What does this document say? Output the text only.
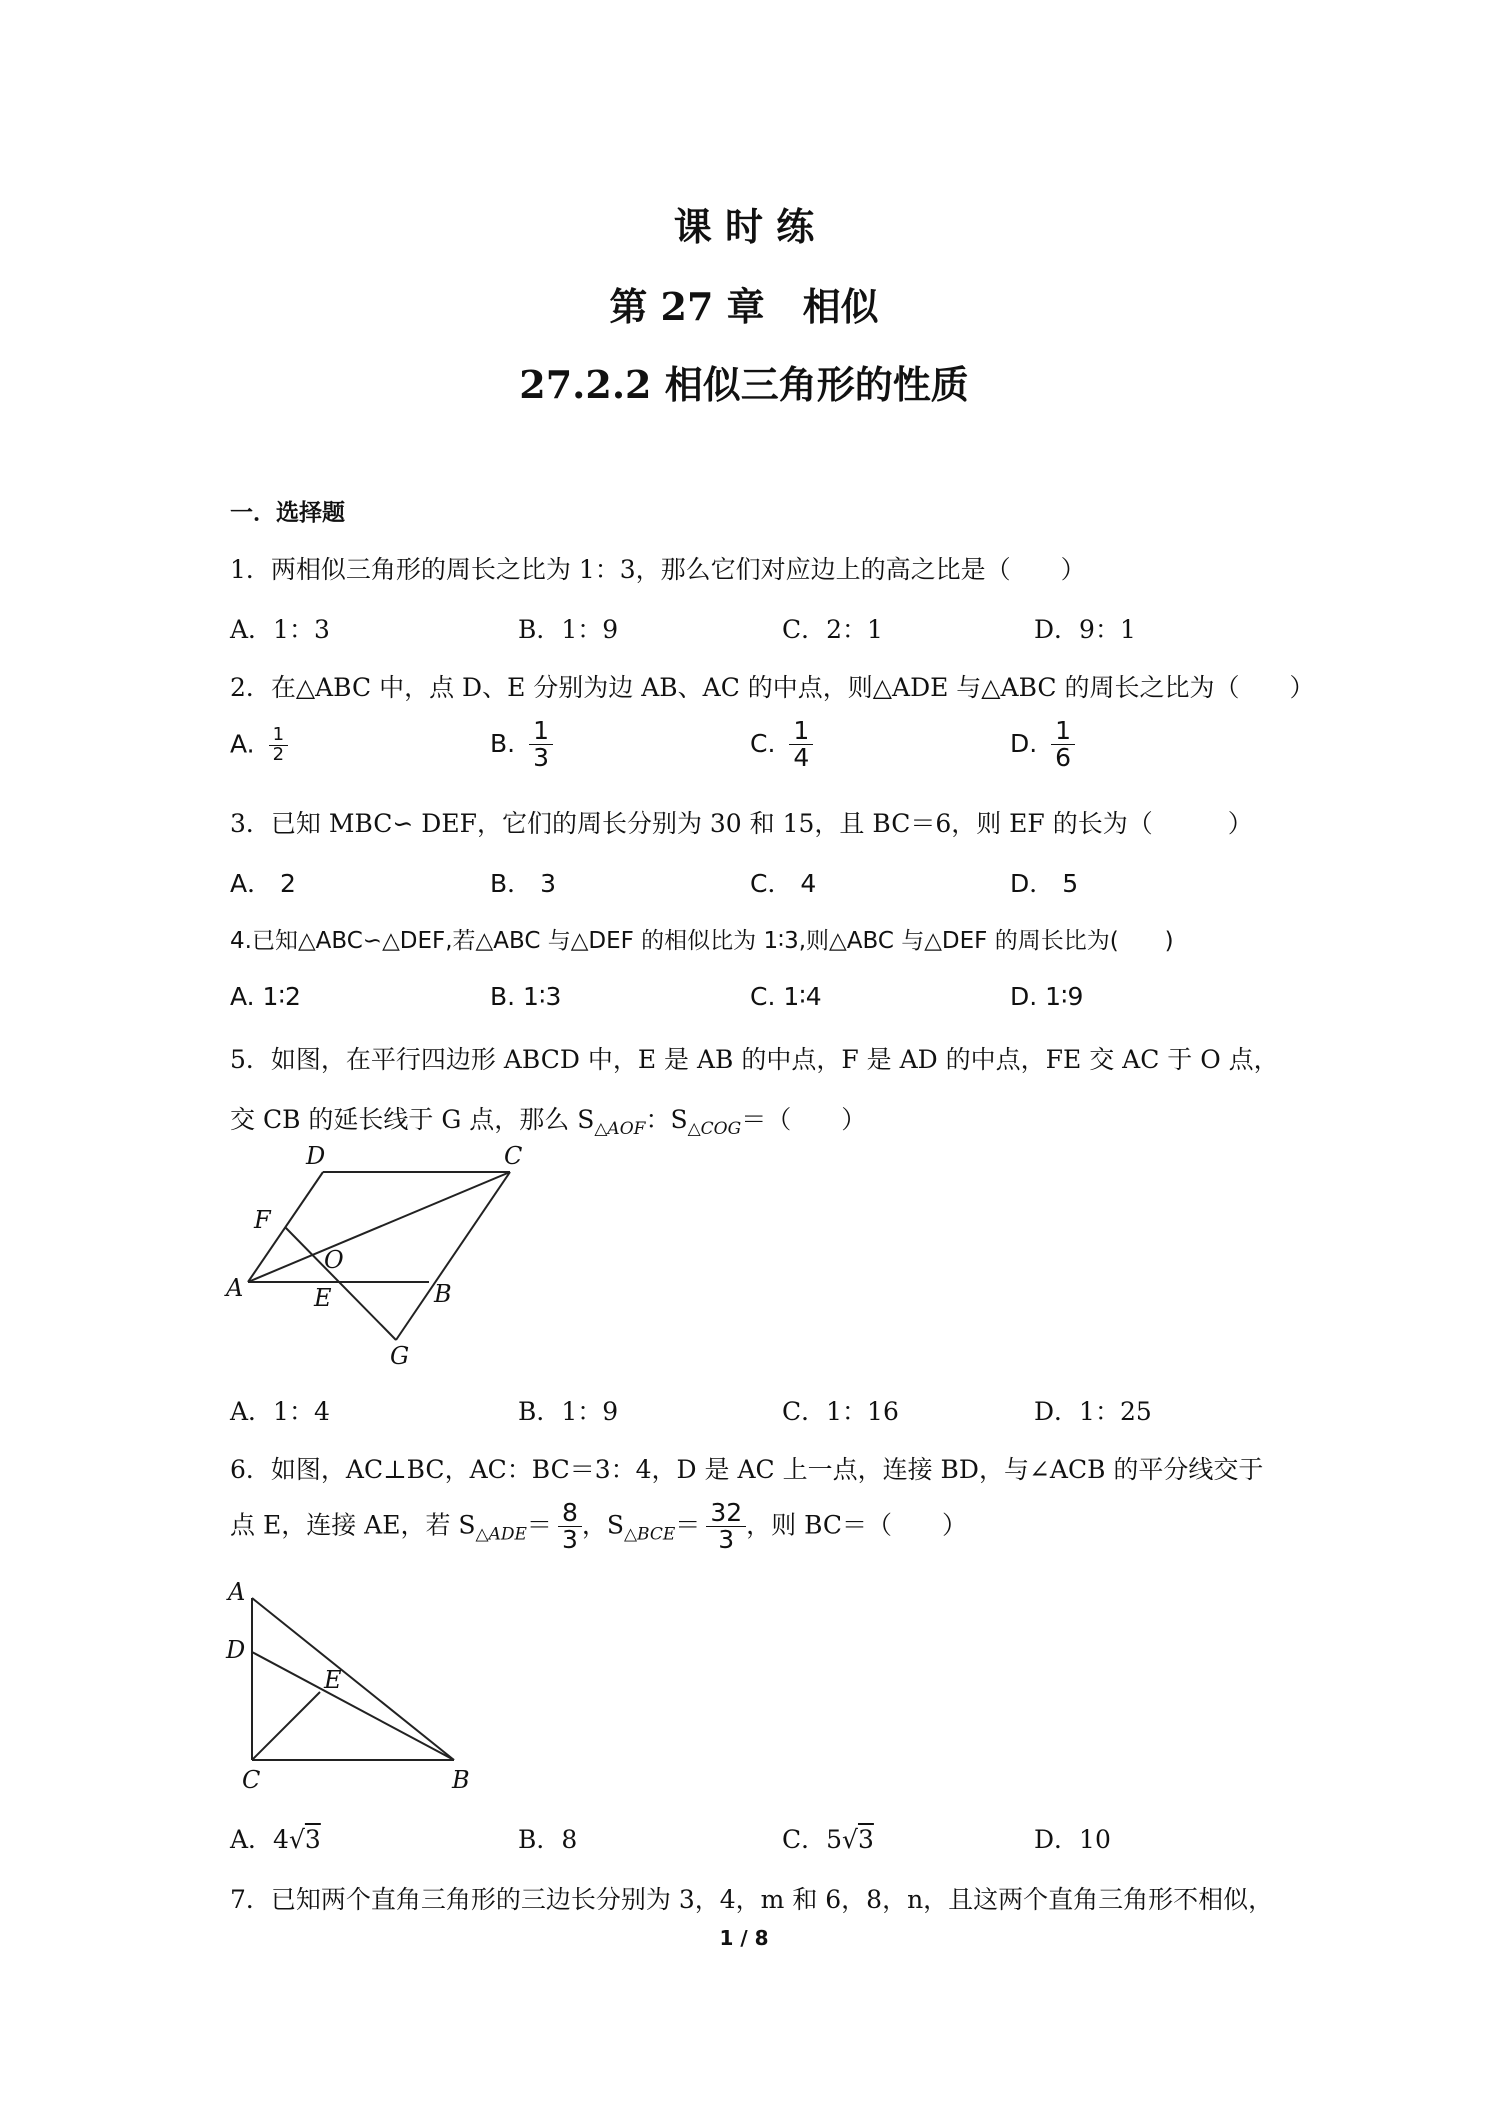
课 时 练
第 27 章　相似
27.2.2 相似三角形的性质
一．选择题
1．两相似三角形的周长之比为 1：3，那么它们对应边上的高之比是（　　）
A．1：3	B．1：9	C．2：1	D．9：1
2．在△ABC 中，点 D、E 分别为边 AB、AC 的中点，则△ADE 与△ABC 的周长之比为（　　）
A. $\frac{1}{2}$	B. $\frac{1}{3}$	C. $\frac{1}{4}$	D. $\frac{1}{6}$
3．已知 MBC∽ DEF，它们的周长分别为 30 和 15，且 BC＝6，则 EF 的长为（　　　）
A． 2	B． 3	C． 4	D． 5
4.已知△ABC∽△DEF,若△ABC 与△DEF 的相似比为 1∶3,则△ABC 与△DEF 的周长比为(　　)
A. 1∶2	B. 1∶3	C. 1∶4	D. 1∶9
5．如图，在平行四边形 ABCD 中，E 是 AB 的中点，F 是 AD 的中点，FE 交 AC 于 O 点，
交 CB 的延长线于 G 点，那么 $S_{\triangle AOF}$：$S_{\triangle COG}=$（　　）
D	C
F
O
A	E	B
G
A．1：4	B．1：9	C．1：16	D．1：25
6．如图，AC⊥BC，AC：BC＝3：4，D 是 AC 上一点，连接 BD，与∠ACB 的平分线交于
点 E，连接 AE，若 $S_{\triangle ADE}= \frac{8}{3}$ ，$S_{\triangle BCE}= \frac{32}{3}$ ，则 BC＝（　　）
A
D
E
C	B
A．4√3	B．8	C．5√3	D．10
7．已知两个直角三角形的三边长分别为 3，4，m 和 6，8，n，且这两个直角三角形不相似，
1 / 8
